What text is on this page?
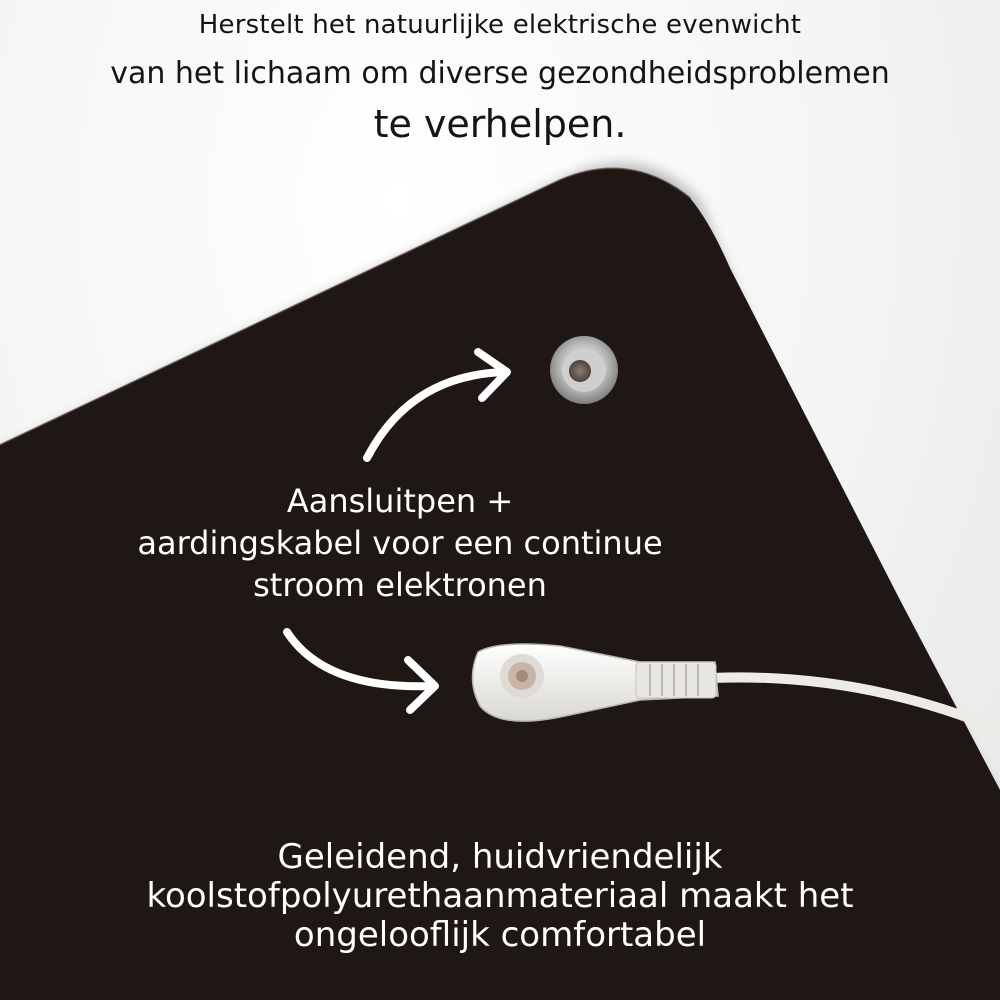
Herstelt het natuurlijke elektrische evenwicht
van het lichaam om diverse gezondheidsproblemen
te verhelpen.
Aansluitpen +
aardingskabel voor een continue
stroom elektronen
Geleidend, huidvriendelijk
koolstofpolyurethaanmateriaal maakt het
ongelooflijk comfortabel
